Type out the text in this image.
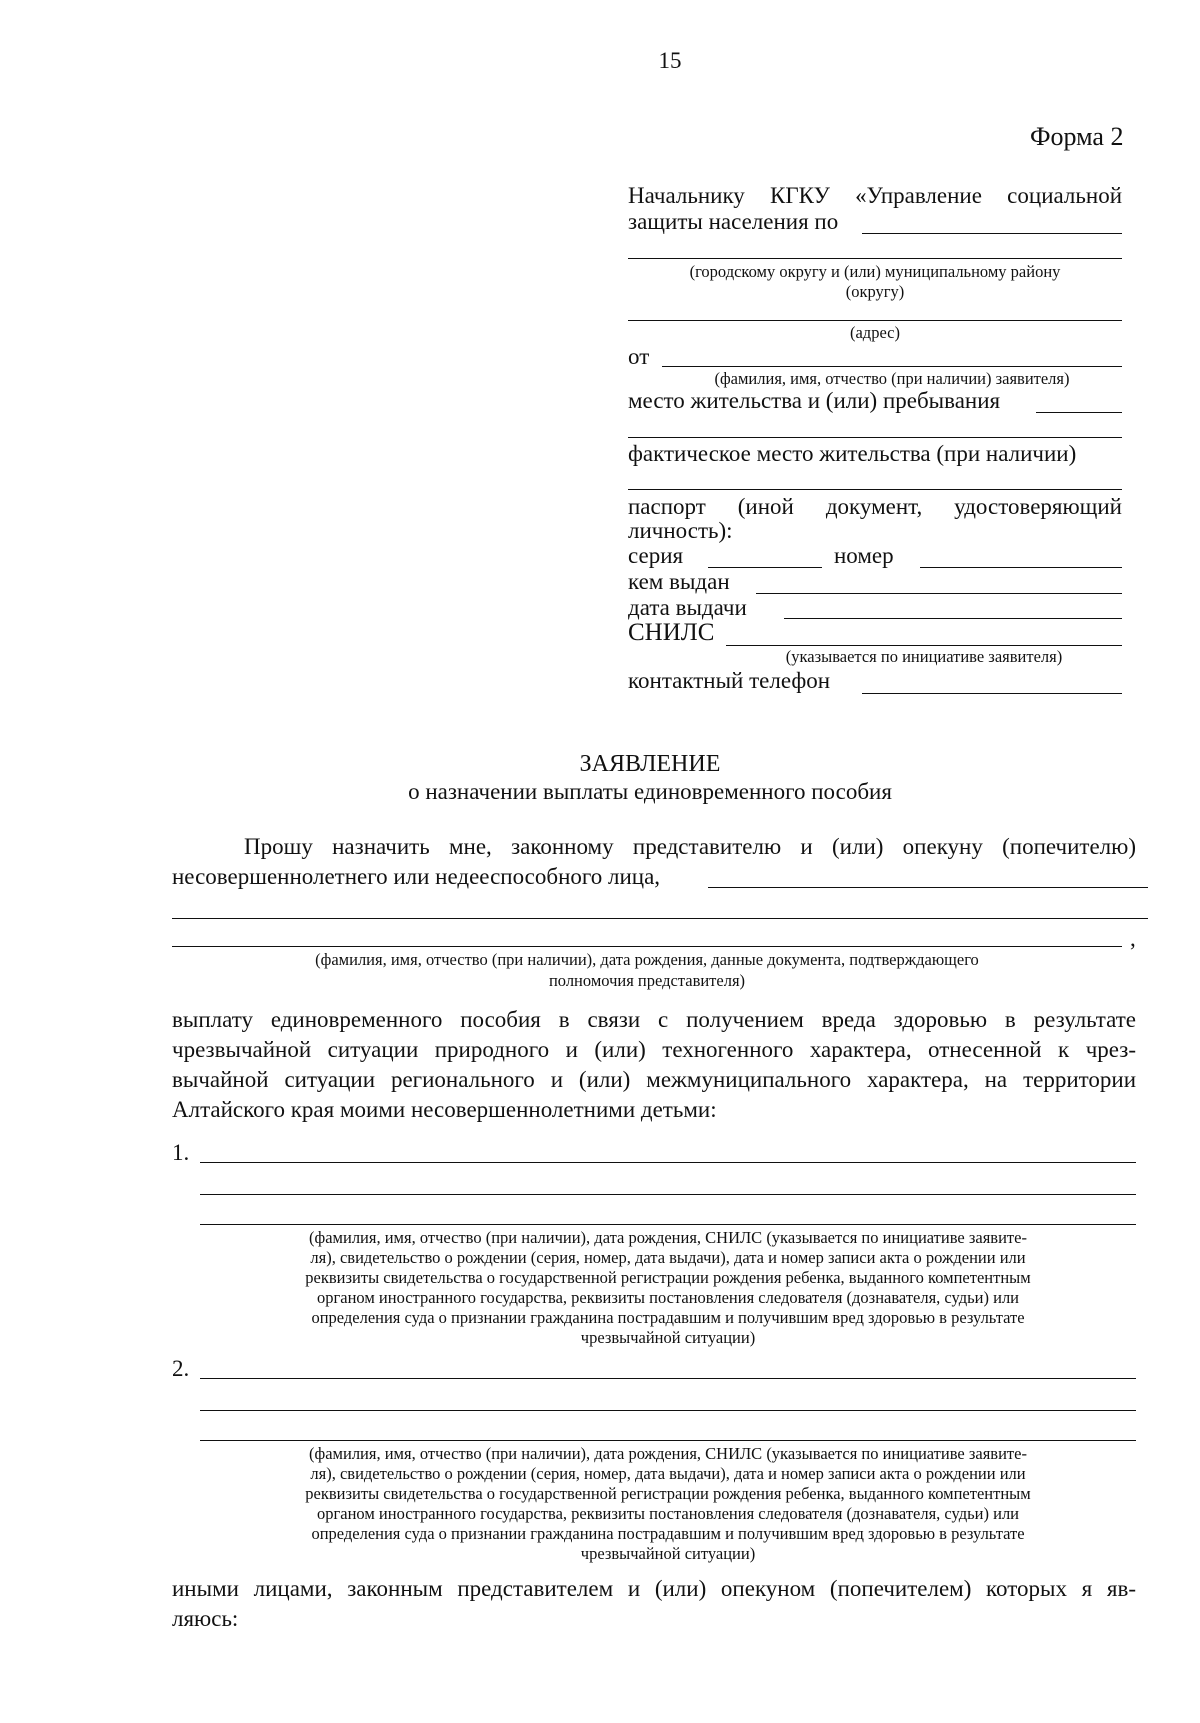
15
Форма 2
Начальнику КГКУ «Управление социальной
защиты населения по
(городскому округу и (или) муниципальному району
(округу)
(адрес)
от
(фамилия, имя, отчество (при наличии) заявителя)
место жительства и (или) пребывания
фактическое место жительства (при наличии)
паспорт (иной документ, удостоверяющий
личность):
серия	номер
кем выдан
дата выдачи
СНИЛС
(указывается по инициативе заявителя)
контактный телефон
ЗАЯВЛЕНИЕ
о назначении выплаты единовременного пособия
Прошу назначить мне, законному представителю и (или) опекуну (попечителю)
несовершеннолетнего или недееспособного лица,
,
(фамилия, имя, отчество (при наличии), дата рождения, данные документа, подтверждающего
полномочия представителя)
выплату единовременного пособия в связи с получением вреда здоровью в результате
чрезвычайной ситуации природного и (или) техногенного характера, отнесенной к чрез-
вычайной ситуации регионального и (или) межмуниципального характера, на территории
Алтайского края моими несовершеннолетними детьми:
1.
(фамилия, имя, отчество (при наличии), дата рождения, СНИЛС (указывается по инициативе заявите-
ля), свидетельство о рождении (серия, номер, дата выдачи), дата и номер записи акта о рождении или
реквизиты свидетельства о государственной регистрации рождения ребенка, выданного компетентным
органом иностранного государства, реквизиты постановления следователя (дознавателя, судьи) или
определения суда о признании гражданина пострадавшим и получившим вред здоровью в результате
чрезвычайной ситуации)
2.
(фамилия, имя, отчество (при наличии), дата рождения, СНИЛС (указывается по инициативе заявите-
ля), свидетельство о рождении (серия, номер, дата выдачи), дата и номер записи акта о рождении или
реквизиты свидетельства о государственной регистрации рождения ребенка, выданного компетентным
органом иностранного государства, реквизиты постановления следователя (дознавателя, судьи) или
определения суда о признании гражданина пострадавшим и получившим вред здоровью в результате
чрезвычайной ситуации)
иными лицами, законным представителем и (или) опекуном (попечителем) которых я яв-
ляюсь:
